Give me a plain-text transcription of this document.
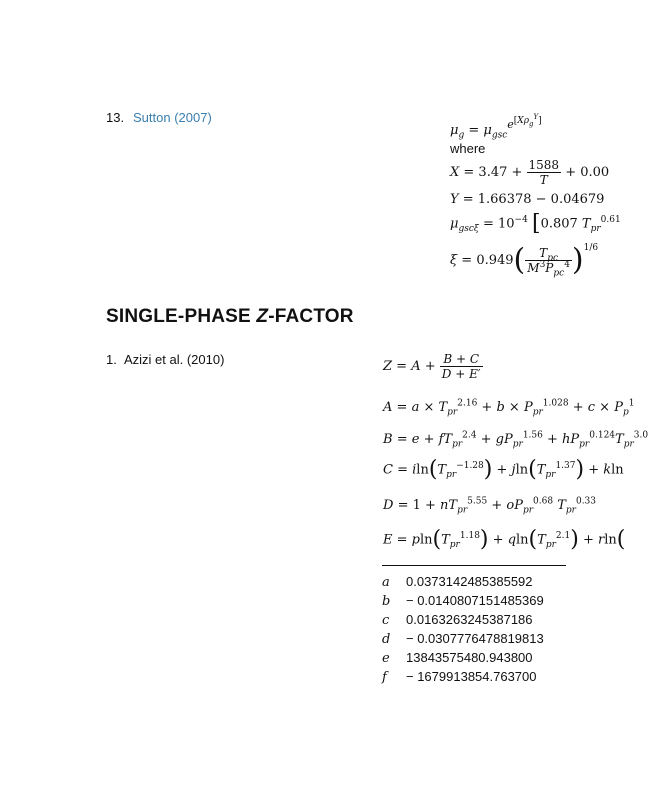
13. Sutton (2007)
$\mu_g = \mu_{gsc}^{e^{[X\rho_g^Y]}}$
where
$X = 3.47 + \frac{1588}{T} + 0.00$
Y = 1.66378 − 0.04679
$\mu_{gsc\xi} = 10^{-4}$ [0.807 $T_{pr}^{0.61}$
$\xi = 0.949( \frac{T_{pc}}{M^3P_{pc}^4} )^{1/6}$
SINGLE-PHASE Z-FACTOR
1. Azizi et al. (2010)	$Z = A + \frac{B + C}{D + E'}$
$A = a \times T_{pr}^{2.16} + b \times P_{pr}^{1.028} + c \times P_p^1$
$B = e + fT_{pr}^{2.4} + gP_{pr}^{1.56} + hP_{pr}^{0.124}T_{pr}^{3.0}$
$C = iln(T_{pr}^{-1.28}) + jln(T_{pr}^{1.37}) + kln$
$D = 1 + nT_{pr}^{5.55} + oP_{pr}^{0.68}$ $T_{pr}^{0.33}$
$E = pln(T_{pr}^{1.18}) + qln(T_{pr}^{2.1}) + rln$(
a 0.0373142485385592
b − 0.0140807151485369
c 0.0163263245387186
d − 0.0307776478819813
e 13843575480.943800
f − 1679913854.763700
